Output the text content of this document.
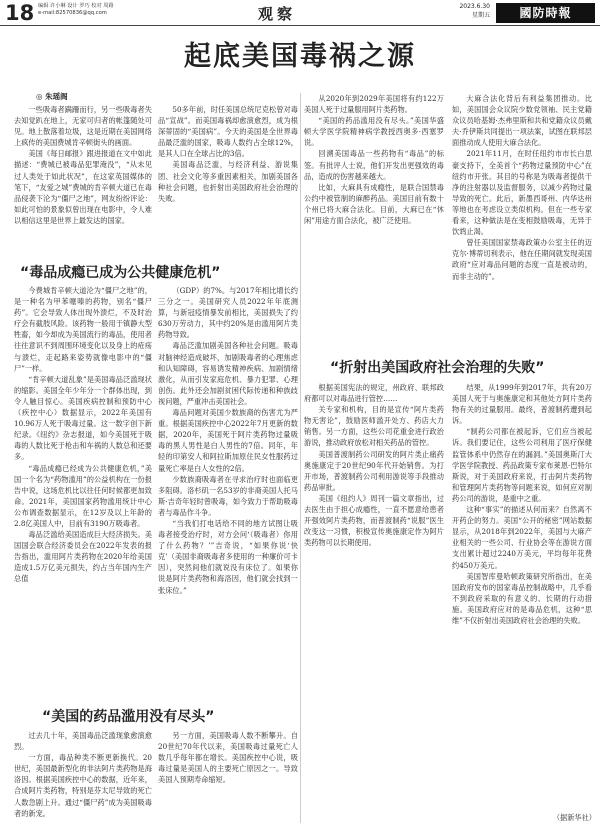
18 编辑 许小琳 设计 罗巧 校对 周路
e-mail:82570836@qq.com	观察	2023.6.30
星期五	國防時報
起底美国毒祸之源
◎ 朱瑶阁

一些吸毒者蹒跚而行，另一些吸毒者失去知觉趴在地上，无家可归者的帐篷随处可见。地上散落着垃圾，这是近期在美国网络上疯传的美国费城肯辛顿街头的画面。

美国《每日邮报》跟进报道在文中如此描述：“费城已被毒品犯罪淹没”，“从未见过人类处于如此状况”，在这家英国媒体的笔下，“友爱之城”费城的肯辛顿大道已在毒品侵袭下沦为“僵尸之地”，网友纷纷评论：如此可怕的景象似曾出现在电影中，令人难以相信这里是世界上最发达的国家。

50多年前，时任美国总统尼克松曾对毒品“宣战”。而美国毒祸却愈演愈烈，成为根深蒂固的“美国病”。今天的美国是全世界毒品最泛滥的国家，吸毒人数约占全球12%，是其人口在全球占比的3倍。

美国毒品泛滥，与经济利益、游说集团、社会文化等多重因素相关，加剧美国各种社会问题，也折射出美国政府社会治理的失败。

从2020年到2029年美国将有约122万美国人死于过量服用阿片类药物。

“美国的药品滥用没有尽头。”美国华盛顿大学医学院精神病学教授西奥多·西塞罗说。

回溯美国毒品一些药物有“毒品”的标签。有批评人士说，他们开发出更强效的毒品，造成的伤害越来越大。

比如，大麻具有成瘾性，是联合国禁毒公约中被管制的麻醉药品。美国目前有数十个州已将大麻合法化。目前，大麻已在“休闲”用途方面合法化，被广泛使用。

大麻合法化背后有利益集团推动。比如，美国国会众议院少数党领袖、民主党籍众议员哈基姆·杰弗里斯和共和党籍众议员戴夫·乔伊斯共同提出一项法案，试图在联邦层面推动成人使用大麻合法化。

2021年11月，在时任纽约市市长白思豪支持下，全美首个“药物过量预防中心”在纽约市开张。其目的号称是为吸毒者提供干净的注射器以及监督服务，以减少药物过量导致的死亡。此后，新墨西哥州、内华达州等地也在考虑设立类似机构。但在一些专家看来，这种做法是在变相鼓励吸毒，无异于饮鸩止渴。

曾任美国国家禁毒政策办公室主任的迈克尔·博蒂切利表示，他在任期间就发现美国政府“应对毒品问题的态度一直是被动的，而非主动的”。

“毒品成瘾已成为公共健康危机”

今费城肯辛顿大道沦为“僵尸之地”的，是一种名为甲苯噻嗪的药物，别名“僵尸药”。它会导致人体出现外溃烂，不及时治疗会有截肢风险。该药物一般用于镇静大型牲畜，如今却成为美国流行的毒品，使用者往往意识不到周围环境变化以及身上的疮疡与溃烂，走起路来姿势就像电影中的“僵尸”一样。

“肯辛顿大道乱象”是美国毒品泛滥现状的缩影。美国全年少年分一个群体出现，到令人触目惊心。美国疾病控制和预防中心（疾控中心）数据显示，2022年美国有10.96万人死于吸毒过量。这一数字创下新纪录。《纽约》杂志报道，如今美国死于吸毒的人数比死于枪击和车祸的人数总和还要多。

“毒品成瘾已经成为公共健康危机，”美国一个名为“药物滥用”的公益机构在一份报告中说，这场危机比以往任何时候都更加致命。2021年，美国国家药物滥用统计中心公布调查数据显示，在12岁及以上年龄的2.8亿美国人中，目前有3190万吸毒者。

毒品泛滥给美国造成巨大经济损失。美国国会联合经济委员会在2022年发表的报告指出，滥用阿片类药物在2020年给美国造成1.5万亿美元损失，约占当年国内生产总值

（GDP）的7%。与2017年相比增长约三分之一。美国研究人员2022年年底测算，与新冠疫情暴发前相比，美国损失了约630万劳动力，其中约20%是由滥用阿片类药物导致。

毒品泛滥加剧美国各种社会问题。吸毒对脑神经造成破坏，加剧吸毒者的心理焦虑和认知障碍，容易诱发精神疾病、加剧情绪激化，从而引发家庭危机、暴力犯罪、心理创伤。此外还会加剧贫困代际传递和种族歧视问题，严重冲击美国社会。

毒品问题对美国少数族裔的伤害尤为严重。根据美国疾控中心2022年7月更新的数据，2020年，美国死于阿片类药物过量吸毒的黑人男性是白人男性的7倍。同年，年轻的印第安人和阿拉斯加原住民女性服药过量死亡率是白人女性的2倍。

少数族裔吸毒者在寻求治疗时也面临更多阻碍。洛杉矶一名53岁的非裔美国人托马斯·吉奇年轻时曾吸毒，如今致力于帮助吸毒者与毒品作斗争。

“当我们打电话给不同的地方试图让吸毒者接受治疗时，对方会问‘（吸毒者）你用了什么药物？’”吉奇说，“如果你说‘快克’（美国非裔吸毒者多使用的一种廉价可卡因），突然间他们就说没有床位了。如果你说是阿片类药物和海洛因，他们就会找到一张床位。”

“折射出美国政府社会治理的失败”

根据美国宪法的规定，州政府、联邦政府都可以对毒品进行管控……

关专家和机构，目的是宣传“阿片类药物无害论”，鼓励医师滥开处方、药店大力销售。另一方面，这些公司花重金进行政治游说，推动政府放松对相关药品的管控。

美国普渡制药公司研发的阿片类止痛药奥施康定于20世纪90年代开始销售。为打开市场，普渡制药公司利用游说等手段推动药品审批。

美国《纽约人》周刊一篇文章指出，过去医生由于担心成瘾性，一直不愿意给患者开强效阿片类药物，而普渡制药“说服”医生改变这一习惯，积极宣传奥施康定作为阿片类药物可以长期使用。

结果，从1999年到2017年，共有20万美国人死于与奥施康定和其他处方阿片类药物有关的过量服用。最终，普渡制药遭到起诉。

“制药公司都在被起诉，它们应当被起诉。我们要记住，这些公司利用了医疗保健监管体系中仍然存在的漏洞。”美国奥斯汀大学医学院教授、药品政策专家布莱恩·巴特尔斯说，对于美国政府来说，打击阿片类药物和管理阿片类药物等问题来说，如何应对制药公司的游说，是重中之重。

这种“事实”的描述从何而来？自然离不开药企的努力。美国“公开的秘密”网站数据显示，从2018年到2022年，美国与大麻产业相关的一些公司、行业协会等在游说方面支出累计超过2240万美元，平均每年花费约450万美元。

美国智库曼哈顿政策研究所指出，在美国政府发布的国家毒品控制战略中，几乎看不到政府采取的有意义的、长期的行动措施。美国政府应对的是毒品危机，这种“思维”不仅折射出美国政府社会治理的失败。

“美国的药品滥用没有尽头”

过去几十年，美国毒品泛滥现象愈演愈烈。

一方面，毒品种类不断更新换代。20世纪，美国最新型化的非法阿片类药物是海洛因。根据美国疾控中心的数据，近年来，合成阿片类药物，特别是芬太尼导致的死亡人数急剧上升。通过“僵尸药”成为美国吸毒者的新宠。

另一方面，美国吸毒人数不断攀升。自20世纪70年代以来，美国吸毒过量死亡人数几乎每年都在增长。美国疾控中心说，吸毒过量是美国人的主要死亡原因之一。导致美国人预期寿命缩短。

（据新华社）
